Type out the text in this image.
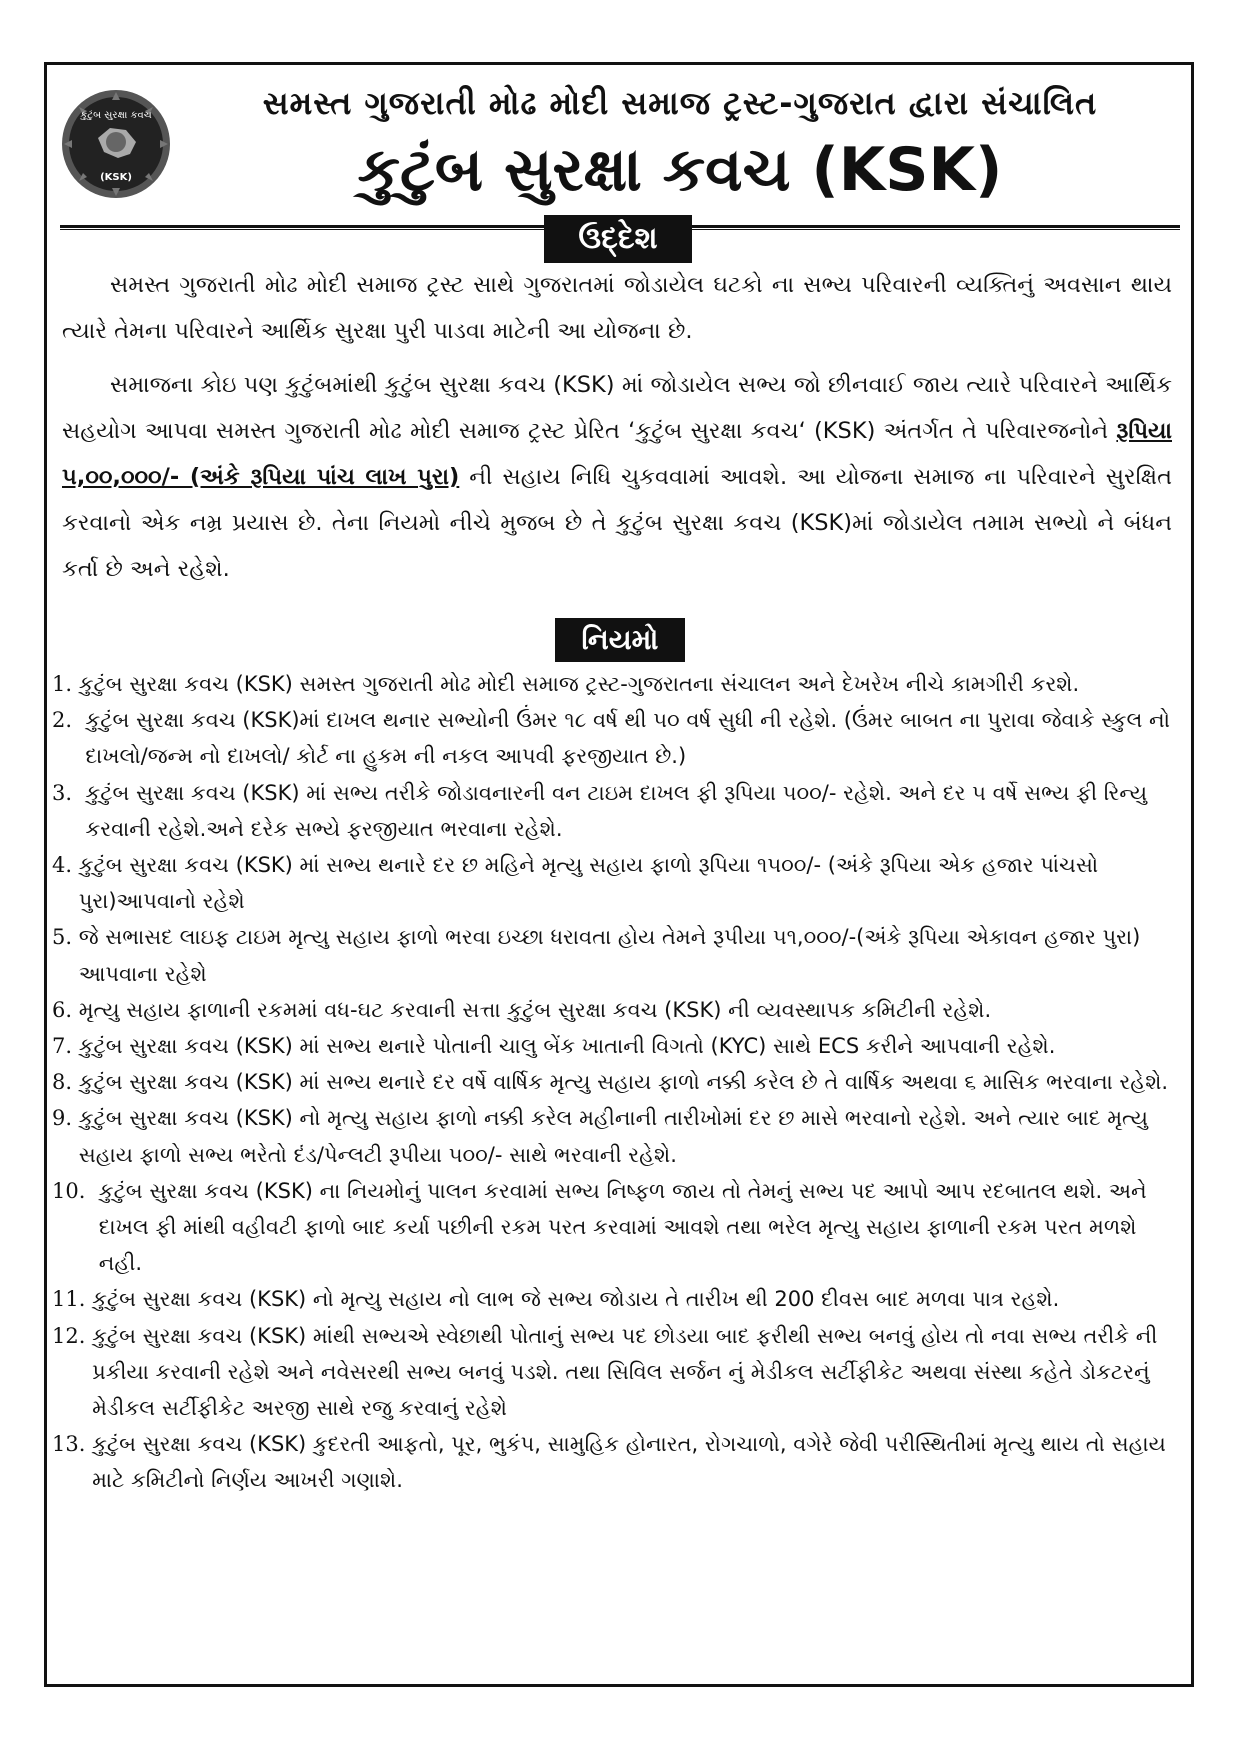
કુટુંબ સુરક્ષા કવચ
(KSK)
સમસ્ત ગુજરાતી મોઢ મોદી સમાજ ટ્રસ્ટ-ગુજરાત દ્વારા સંચાલિત
કુટુંબ સુરક્ષા કવચ (KSK)
ઉદ્દેશ
સમસ્ત ગુજરાતી મોઢ મોદી સમાજ ટ્રસ્ટ સાથે ગુજરાતમાં જોડાયેલ ઘટકો ના સભ્ય પરિવારની વ્યક્તિનું અવસાન થાય ત્યારે તેમના પરિવારને આર્થિક સુરક્ષા પુરી પાડવા માટેની આ યોજના છે.
સમાજના કોઇ પણ કુટુંબમાંથી કુટુંબ સુરક્ષા કવચ (KSK) માં જોડાયેલ સભ્ય જો છીનવાઈ જાય ત્યારે પરિવારને આર્થિક સહયોગ આપવા સમસ્ત ગુજરાતી મોઢ મોદી સમાજ ટ્રસ્ટ પ્રેરિત ‘કુટુંબ સુરક્ષા કવચ‘ (KSK) અંતર્ગત તે પરિવારજનોને રૂપિયા ૫,૦૦,૦૦૦/- (અંકે રૂપિયા પાંચ લાખ પુરા) ની સહાય નિધિ ચુકવવામાં આવશે. આ યોજના સમાજ ના પરિવારને સુરક્ષિત કરવાનો એક નમ્ર પ્રયાસ છે. તેના નિયમો નીચે મુજબ છે તે કુટુંબ સુરક્ષા કવચ (KSK)માં જોડાયેલ તમામ સભ્યો ને બંધન કર્તા છે અને રહેશે.
નિયમો
1. કુટુંબ સુરક્ષા કવચ (KSK) સમસ્ત ગુજરાતી મોઢ મોદી સમાજ ટ્રસ્ટ-ગુજરાતના સંચાલન અને દેખરેખ નીચે કામગીરી કરશે.
2. કુટુંબ સુરક્ષા કવચ (KSK)માં દાખલ થનાર સભ્યોની ઉંમર ૧૮ વર્ષ થી ૫૦ વર્ષ સુધી ની રહેશે. (ઉંમર બાબત ના પુરાવા જેવાકે સ્કુલ નો દાખલો/જન્મ નો દાખલો/ કોર્ટ ના હુકમ ની નકલ આપવી ફરજીયાત છે.)
3. કુટુંબ સુરક્ષા કવચ (KSK) માં સભ્ય તરીકે જોડાવનારની વન ટાઇમ દાખલ ફી રૂપિયા ૫૦૦/- રહેશે. અને દર ૫ વર્ષે સભ્ય ફી રિન્યુ કરવાની રહેશે.અને દરેક સભ્યે ફરજીયાત ભરવાના રહેશે.
4. કુટુંબ સુરક્ષા કવચ (KSK) માં સભ્ય થનારે દર છ મહિને મૃત્યુ સહાય ફાળો રૂપિયા ૧૫૦૦/- (અંકે રૂપિયા એક હજાર પાંચસો પુરા)આપવાનો રહેશે
5. જે સભાસદ લાઇફ ટાઇમ મૃત્યુ સહાય ફાળો ભરવા ઇચ્છા ધરાવતા હોય તેમને રૂપીયા ૫૧,૦૦૦/-(અંકે રૂપિયા એકાવન હજાર પુરા) આપવાના રહેશે
6. મૃત્યુ સહાય ફાળાની રકમમાં વધ-ઘટ કરવાની સત્તા કુટુંબ સુરક્ષા કવચ (KSK) ની વ્યવસ્થાપક કમિટીની રહેશે.
7. કુટુંબ સુરક્ષા કવચ (KSK) માં સભ્ય થનારે પોતાની ચાલુ બેંક ખાતાની વિગતો (KYC) સાથે ECS કરીને આપવાની રહેશે.
8. કુટુંબ સુરક્ષા કવચ (KSK) માં સભ્ય થનારે દર વર્ષે વાર્ષિક મૃત્યુ સહાય ફાળો નક્કી કરેલ છે તે વાર્ષિક અથવા ૬ માસિક ભરવાના રહેશે.
9. કુટુંબ સુરક્ષા કવચ (KSK) નો મૃત્યુ સહાય ફાળો નક્કી કરેલ મહીનાની તારીખોમાં દર છ માસે ભરવાનો રહેશે. અને ત્યાર બાદ મૃત્યુ સહાય ફાળો સભ્ય ભરેતો દંડ/પેન્લટી રૂપીયા ૫૦૦/- સાથે ભરવાની રહેશે.
10. કુટુંબ સુરક્ષા કવચ (KSK) ના નિયમોનું પાલન કરવામાં સભ્ય નિષ્ફળ જાય તો તેમનું સભ્ય પદ આપો આપ રદબાતલ થશે. અને દાખલ ફી માંથી વહીવટી ફાળો બાદ કર્યા પછીની રકમ પરત કરવામાં આવશે તથા ભરેલ મૃત્યુ સહાય ફાળાની રકમ પરત મળશે નહી.
11. કુટુંબ સુરક્ષા કવચ (KSK) નો મૃત્યુ સહાય નો લાભ જે સભ્ય જોડાય તે તારીખ થી 200 દીવસ બાદ મળવા પાત્ર રહશે.
12. કુટુંબ સુરક્ષા કવચ (KSK) માંથી સભ્યએ સ્વેછાથી પોતાનું સભ્ય પદ છોડયા બાદ ફરીથી સભ્ય બનવું હોય તો નવા સભ્ય તરીકે ની પ્રકીયા કરવાની રહેશે અને નવેસરથી સભ્ય બનવું પડશે. તથા સિવિલ સર્જન નું મેડીકલ સર્ટીફીકેટ અથવા સંસ્થા કહેતે ડોકટરનું મેડીકલ સર્ટીફીકેટ અરજી સાથે રજુ કરવાનું રહેશે
13. કુટુંબ સુરક્ષા કવચ (KSK) કુદરતી આફતો, પૂર, ભુકંપ, સામુહિક હોનારત, રોગચાળો, વગેરે જેવી પરીસ્થિતીમાં મૃત્યુ થાય તો સહાય માટે કમિટીનો નિર્ણય આખરી ગણાશે.
